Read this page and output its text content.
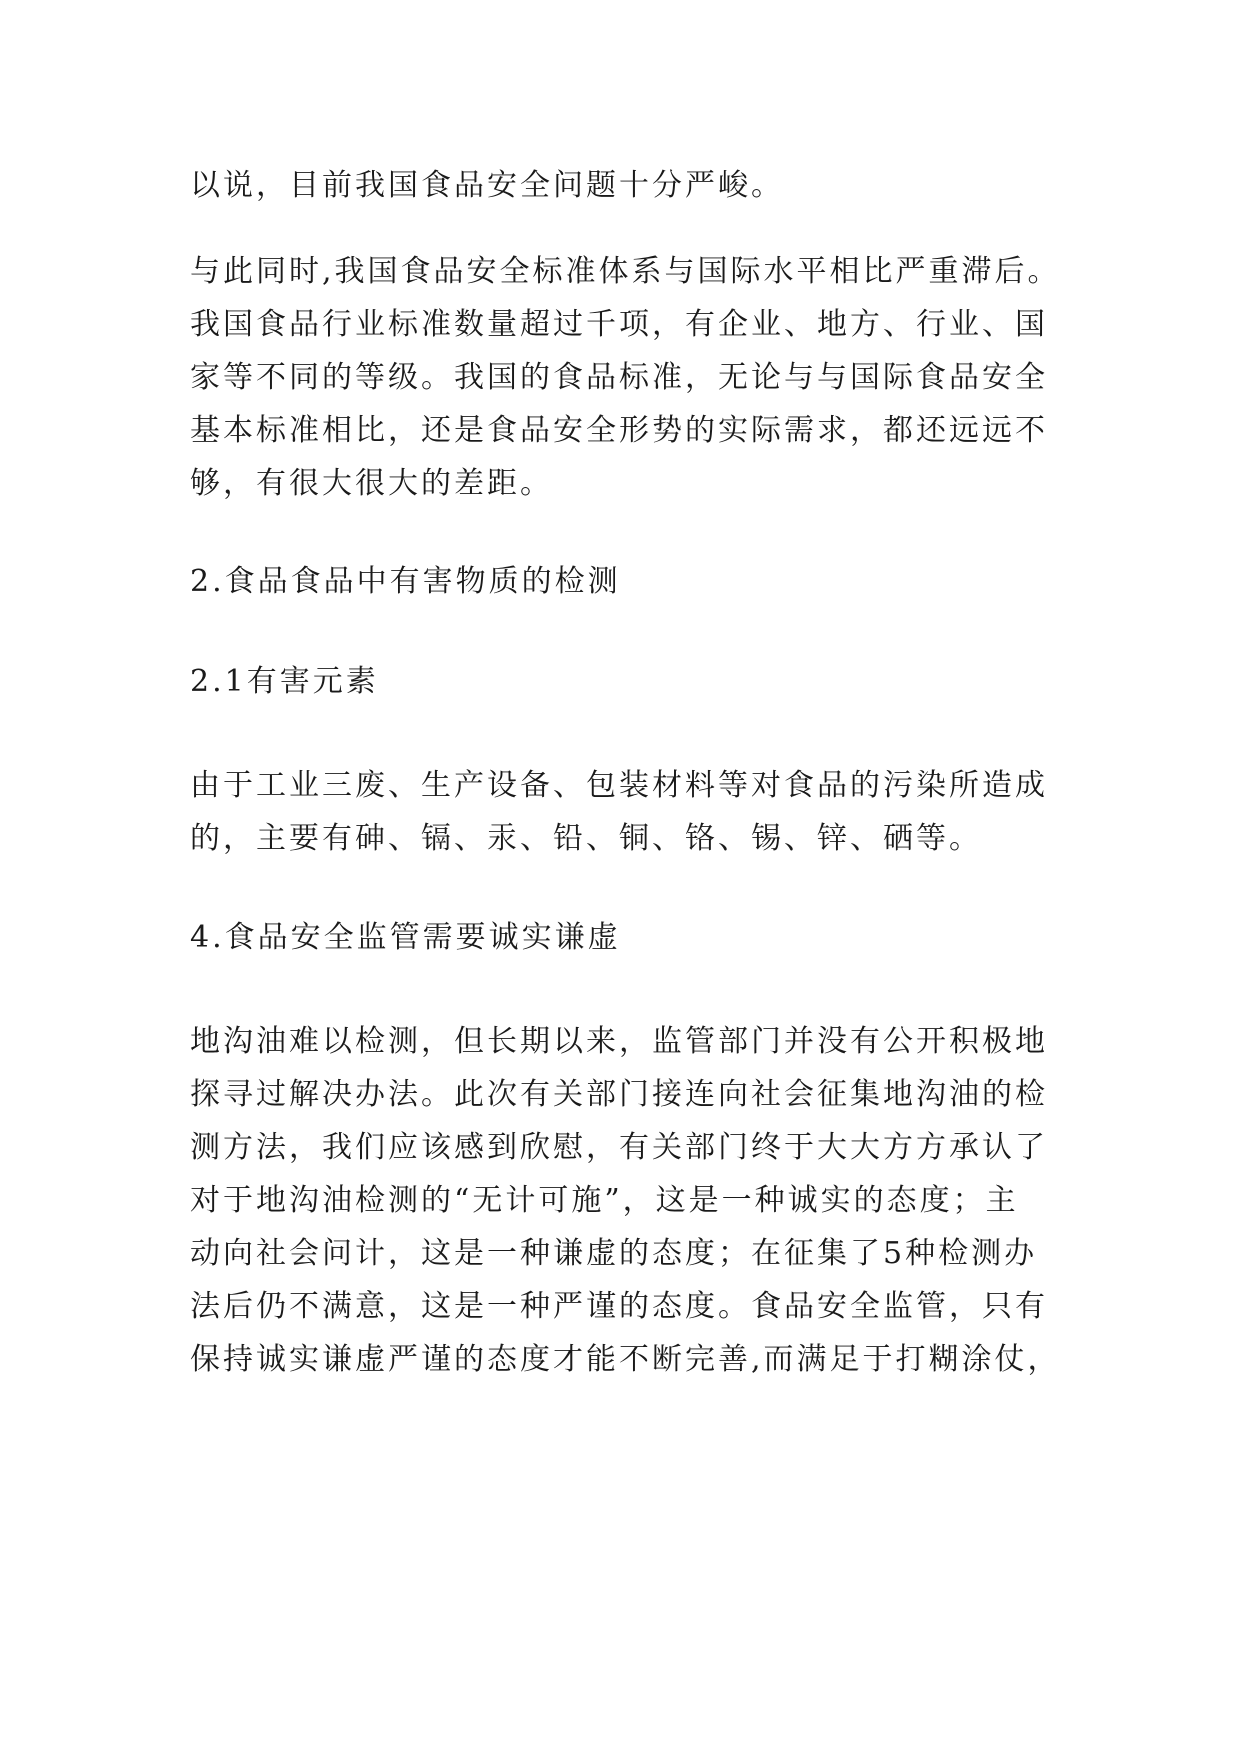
以说，目前我国食品安全问题十分严峻。
与此同时,我国食品安全标准体系与国际水平相比严重滞后。
我国食品行业标准数量超过千项，有企业、地方、行业、国
家等不同的等级。我国的食品标准，无论与与国际食品安全
基本标准相比，还是食品安全形势的实际需求，都还远远不
够，有很大很大的差距。
2.食品食品中有害物质的检测
2.1有害元素
由于工业三废、生产设备、包装材料等对食品的污染所造成
的，主要有砷、镉、汞、铅、铜、铬、锡、锌、硒等。
4.食品安全监管需要诚实谦虚
地沟油难以检测，但长期以来，监管部门并没有公开积极地
探寻过解决办法。此次有关部门接连向社会征集地沟油的检
测方法，我们应该感到欣慰，有关部门终于大大方方承认了
对于地沟油检测的“无计可施”，这是一种诚实的态度；主
动向社会问计，这是一种谦虚的态度；在征集了5种检测办
法后仍不满意，这是一种严谨的态度。食品安全监管，只有
保持诚实谦虚严谨的态度才能不断完善,而满足于打糊涂仗，
